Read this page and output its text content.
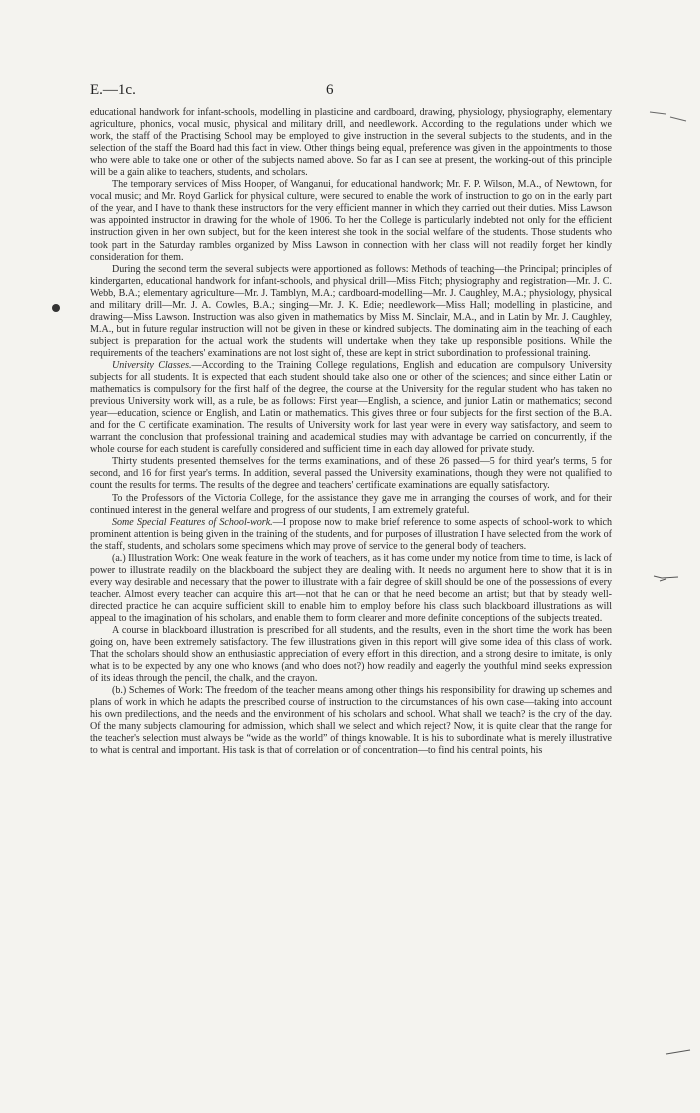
E.—1c.	6

educational handwork for infant-schools, modelling in plasticine and cardboard, drawing, physiology, physiography, elementary agriculture, phonics, vocal music, physical and military drill, and needlework. According to the regulations under which we work, the staff of the Practising School may be employed to give instruction in the several subjects to the students, and in the selection of the staff the Board had this fact in view. Other things being equal, preference was given in the appointments to those who were able to take one or other of the subjects named above. So far as I can see at present, the working-out of this principle will be a gain alike to teachers, students, and scholars.

The temporary services of Miss Hooper, of Wanganui, for educational handwork; Mr. F. P. Wilson, M.A., of Newtown, for vocal music; and Mr. Royd Garlick for physical culture, were secured to enable the work of instruction to go on in the early part of the year, and I have to thank these instructors for the very efficient manner in which they carried out their duties. Miss Lawson was appointed instructor in drawing for the whole of 1906. To her the College is particularly indebted not only for the efficient instruction given in her own subject, but for the keen interest she took in the social welfare of the students. Those students who took part in the Saturday rambles organized by Miss Lawson in connection with her class will not readily forget her kindly consideration for them.

During the second term the several subjects were apportioned as follows: Methods of teaching—the Principal; principles of kindergarten, educational handwork for infant-schools, and physical drill—Miss Fitch; physiography and registration—Mr. J. C. Webb, B.A.; elementary agriculture—Mr. J. Tamblyn, M.A.; cardboard-modelling—Mr. J. Caughley, M.A.; physiology, physical and military drill—Mr. J. A. Cowles, B.A.; singing—Mr. J. K. Edie; needlework—Miss Hall; modelling in plasticine, and drawing—Miss Lawson. Instruction was also given in mathematics by Miss M. Sinclair, M.A., and in Latin by Mr. J. Caughley, M.A., but in future regular instruction will not be given in these or kindred subjects. The dominating aim in the teaching of each subject is preparation for the actual work the students will undertake when they take up responsible positions. While the requirements of the teachers' examinations are not lost sight of, these are kept in strict subordination to professional training.

University Classes.—According to the Training College regulations, English and education are compulsory University subjects for all students. It is expected that each student should take also one or other of the sciences; and since either Latin or mathematics is compulsory for the first half of the degree, the course at the University for the regular student who has taken no previous University work will, as a rule, be as follows: First year—English, a science, and junior Latin or mathematics; second year—education, science or English, and Latin or mathematics. This gives three or four subjects for the first section of the B.A. and for the C certificate examination. The results of University work for last year were in every way satisfactory, and seem to warrant the conclusion that professional training and academical studies may with advantage be carried on concurrently, if the whole course for each student is carefully considered and sufficient time in each day allowed for private study.

Thirty students presented themselves for the terms examinations, and of these 26 passed—5 for third year's terms, 5 for second, and 16 for first year's terms. In addition, several passed the University examinations, though they were not qualified to count the results for terms. The results of the degree and teachers' certificate examinations are equally satisfactory.

To the Professors of the Victoria College, for the assistance they gave me in arranging the courses of work, and for their continued interest in the general welfare and progress of our students, I am extremely grateful.

Some Special Features of School-work.—I propose now to make brief reference to some aspects of school-work to which prominent attention is being given in the training of the students, and for purposes of illustration I have selected from the work of the staff, students, and scholars some specimens which may prove of service to the general body of teachers.

(a.) Illustration Work: One weak feature in the work of teachers, as it has come under my notice from time to time, is lack of power to illustrate readily on the blackboard the subject they are dealing with. It needs no argument here to show that it is in every way desirable and necessary that the power to illustrate with a fair degree of skill should be one of the possessions of every teacher. Almost every teacher can acquire this art—not that he can or that he need become an artist; but that by steady well-directed practice he can acquire sufficient skill to enable him to employ before his class such blackboard illustrations as will appeal to the imagination of his scholars, and enable them to form clearer and more definite conceptions of the subjects treated.

A course in blackboard illustration is prescribed for all students, and the results, even in the short time the work has been going on, have been extremely satisfactory. The few illustrations given in this report will give some idea of this class of work. That the scholars should show an enthusiastic appreciation of every effort in this direction, and a strong desire to imitate, is only what is to be expected by any one who knows (and who does not?) how readily and eagerly the youthful mind seeks expression of its ideas through the pencil, the chalk, and the crayon.

(b.) Schemes of Work: The freedom of the teacher means among other things his responsibility for drawing up schemes and plans of work in which he adapts the prescribed course of instruction to the circumstances of his own case—taking into account his own predilections, and the needs and the environment of his scholars and school. What shall we teach? is the cry of the day. Of the many subjects clamouring for admission, which shall we select and which reject? Now, it is quite clear that the range for the teacher's selection must always be “wide as the world” of things knowable. It is his to subordinate what is merely illustrative to what is central and important. His task is that of correlation or of concentration—to find his central points, his
